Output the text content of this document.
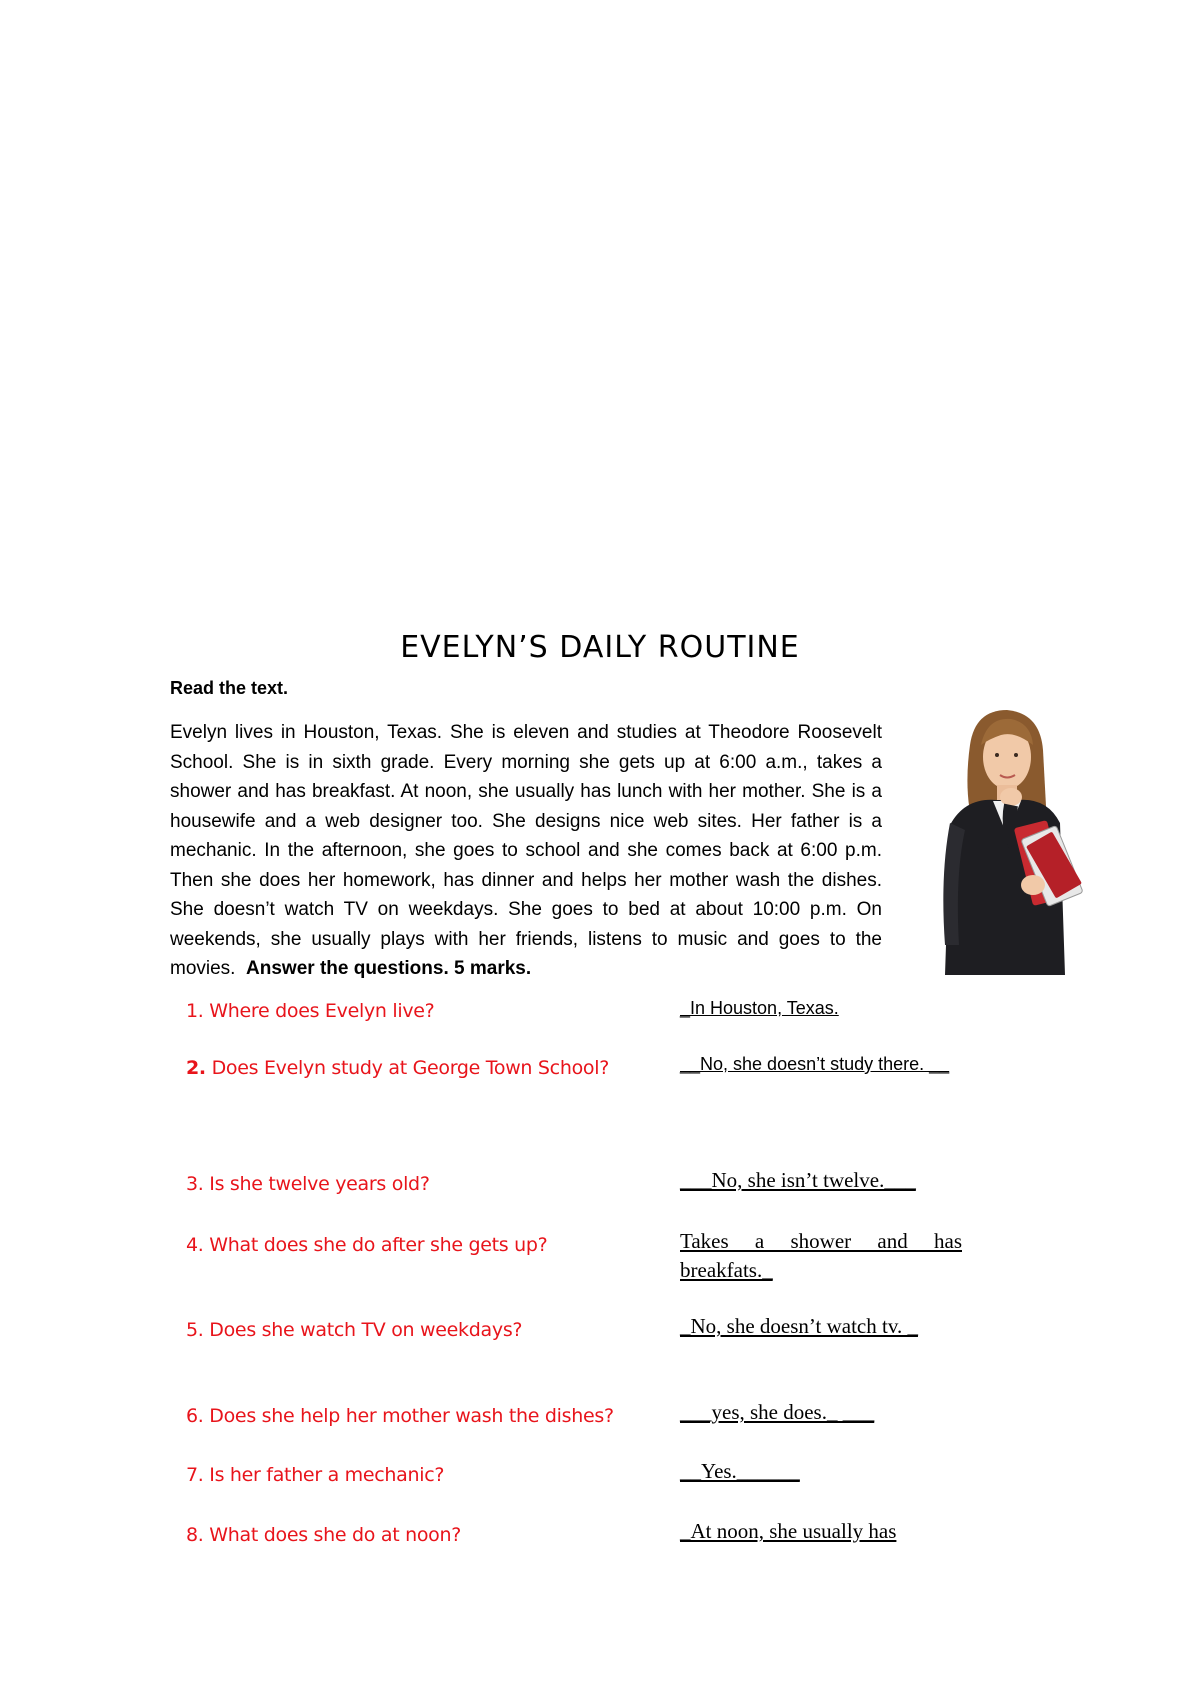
EVELYN’S DAILY ROUTINE
Read the text.
Evelyn lives in Houston, Texas. She is eleven and studies at Theodore Roosevelt School. She is in sixth grade. Every morning she gets up at 6:00 a.m., takes a shower and has breakfast. At noon, she usually has lunch with her mother. She is a housewife and a web designer too. She designs nice web sites. Her father is a mechanic. In the afternoon, she goes to school and she comes back at 6:00 p.m. Then she does her homework, has dinner and helps her mother wash the dishes. She doesn’t watch TV on weekdays. She goes to bed at about 10:00 p.m. On weekends, she usually plays with her friends, listens to music and goes to the movies. Answer the questions. 5 marks.
1. Where does Evelyn live?	_In Houston, Texas.
2. Does Evelyn study at George Town School?	__No, she doesn’t study there. __
3. Is she twelve years old?	___No, she isn’t twelve.___
4. What does she do after she gets up?	Takes a shower and has breakfats._
5. Does she watch TV on weekdays?	_No, she doesn’t watch tv. _
6. Does she help her mother wash the dishes?	___yes, she does._ ___
7. Is her father a mechanic?	__Yes.______
8. What does she do at noon?	_At noon, she usually has
